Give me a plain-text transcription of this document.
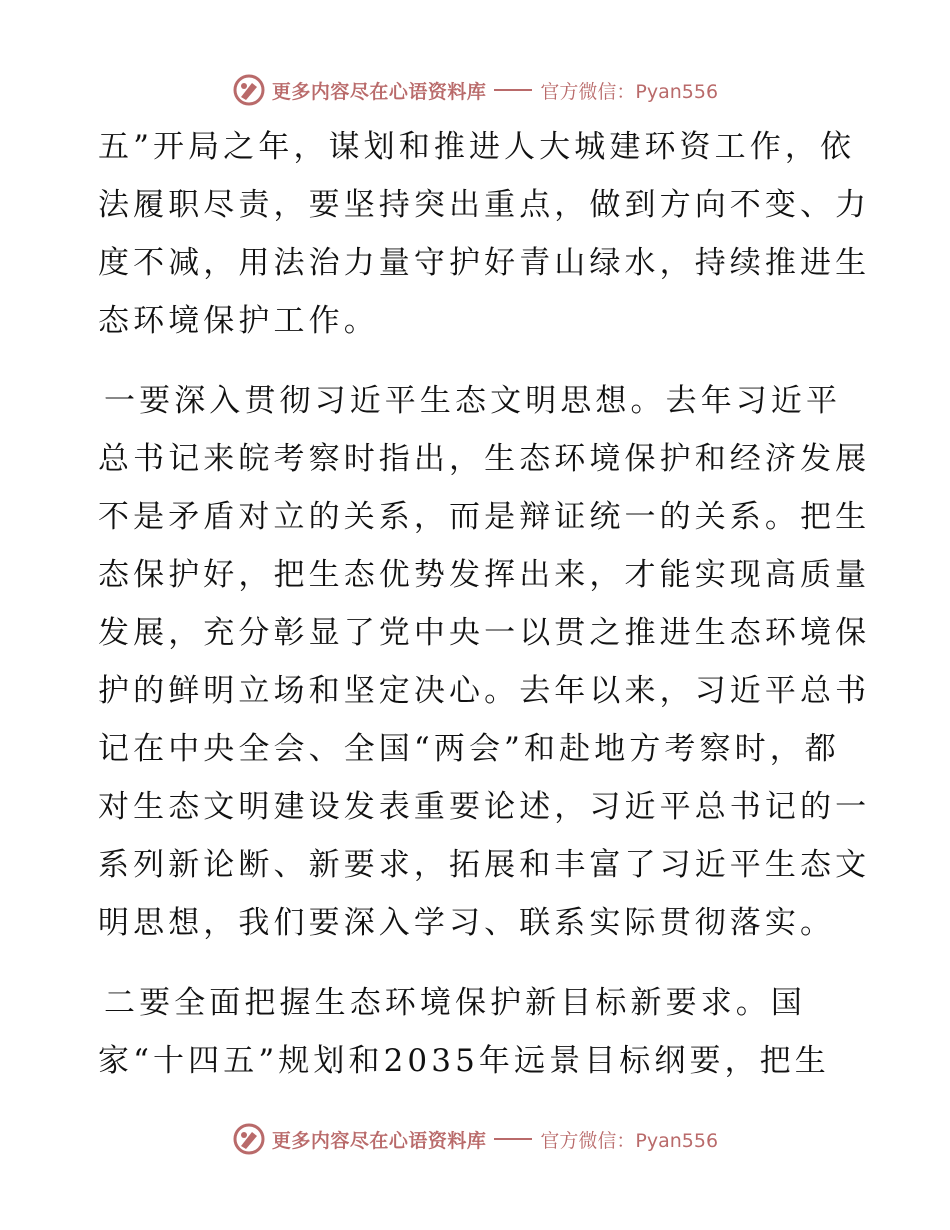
更多内容尽在心语资料库	官方微信：Pyan556
五”开局之年，谋划和推进人大城建环资工作，依
法履职尽责，要坚持突出重点，做到方向不变、力
度不减，用法治力量守护好青山绿水，持续推进生
态环境保护工作。
一要深入贯彻习近平生态文明思想。去年习近平
总书记来皖考察时指出，生态环境保护和经济发展
不是矛盾对立的关系，而是辩证统一的关系。把生
态保护好，把生态优势发挥出来，才能实现高质量
发展，充分彰显了党中央一以贯之推进生态环境保
护的鲜明立场和坚定决心。去年以来，习近平总书
记在中央全会、全国“两会”和赴地方考察时，都
对生态文明建设发表重要论述，习近平总书记的一
系列新论断、新要求，拓展和丰富了习近平生态文
明思想，我们要深入学习、联系实际贯彻落实。
二要全面把握生态环境保护新目标新要求。国
家“十四五”规划和2035年远景目标纲要，把生
更多内容尽在心语资料库	官方微信：Pyan556
